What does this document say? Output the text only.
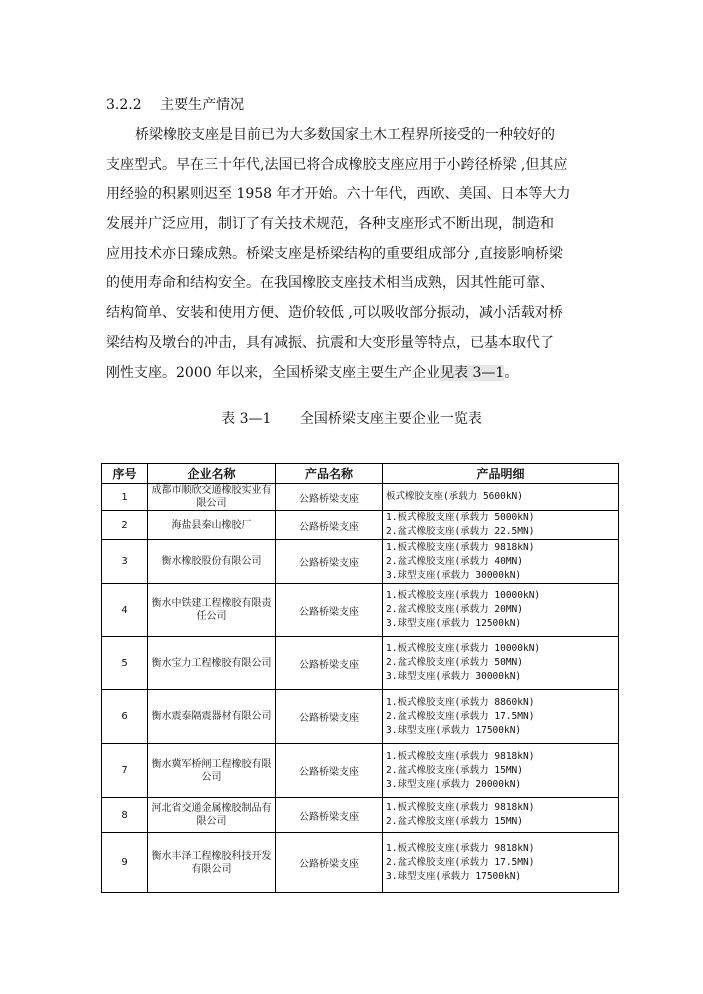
3.2.2 主要生产情况
桥梁橡胶支座是目前已为大多数国家土木工程界所接受的一种较好的
支座型式。早在三十年代,法国已将合成橡胶支座应用于小跨径桥梁 ,但其应
用经验的积累则迟至 1958 年才开始。六十年代，西欧、美国、日本等大力
发展并广泛应用，制订了有关技术规范，各种支座形式不断出现，制造和
应用技术亦日臻成熟。桥梁支座是桥梁结构的重要组成部分 ,直接影响桥梁
的使用寿命和结构安全。在我国橡胶支座技术相当成熟，因其性能可靠、
结构简单、安装和使用方便、造价较低 ,可以吸收部分振动，减小活载对桥
梁结构及墩台的冲击，具有减振、抗震和大变形量等特点，已基本取代了
刚性支座。2000 年以来，全国桥梁支座主要生产企业见表 3—1。
表 3—1 全国桥梁支座主要企业一览表
序号	企业名称	产品名称	产品明细
1	成都市顺欣交通橡胶实业有限公司	公路桥梁支座	板式橡胶支座(承载力 5600kN)

2	海盐县秦山橡胶厂	公路桥梁支座	1.板式橡胶支座(承载力 5000kN)
2.盆式橡胶支座(承载力 22.5MN)

3	衡水橡胶股份有限公司	公路桥梁支座	1.板式橡胶支座(承载力 9818kN)
2.盆式橡胶支座(承载力 40MN)
3.球型支座(承载力 30000kN)

4	衡水中铁建工程橡胶有限责任公司	公路桥梁支座	1.板式橡胶支座(承载力 10000kN)
2.盆式橡胶支座(承载力 20MN)
3.球型支座(承载力 12500kN)

5	衡水宝力工程橡胶有限公司	公路桥梁支座	1.板式橡胶支座(承载力 10000kN)
2.盆式橡胶支座(承载力 50MN)
3.球型支座(承载力 30000kN)

6	衡水震泰隔震器材有限公司	公路桥梁支座	1.板式橡胶支座(承载力 8860kN)
2.盆式橡胶支座(承载力 17.5MN)
3.球型支座(承载力 17500kN)

7	衡水冀军桥闸工程橡胶有限公司	公路桥梁支座	1.板式橡胶支座(承载力 9818kN)
2.盆式橡胶支座(承载力 15MN)
3.球型支座(承载力 20000kN)

8	河北省交通金属橡胶制品有限公司	公路桥梁支座	1.板式橡胶支座(承载力 9818kN)
2.盆式橡胶支座(承载力 15MN)

9	衡水丰泽工程橡胶科技开发有限公司	公路桥梁支座	1.板式橡胶支座(承载力 9818kN)
2.盆式橡胶支座(承载力 17.5MN)
3.球型支座(承载力 17500kN)
